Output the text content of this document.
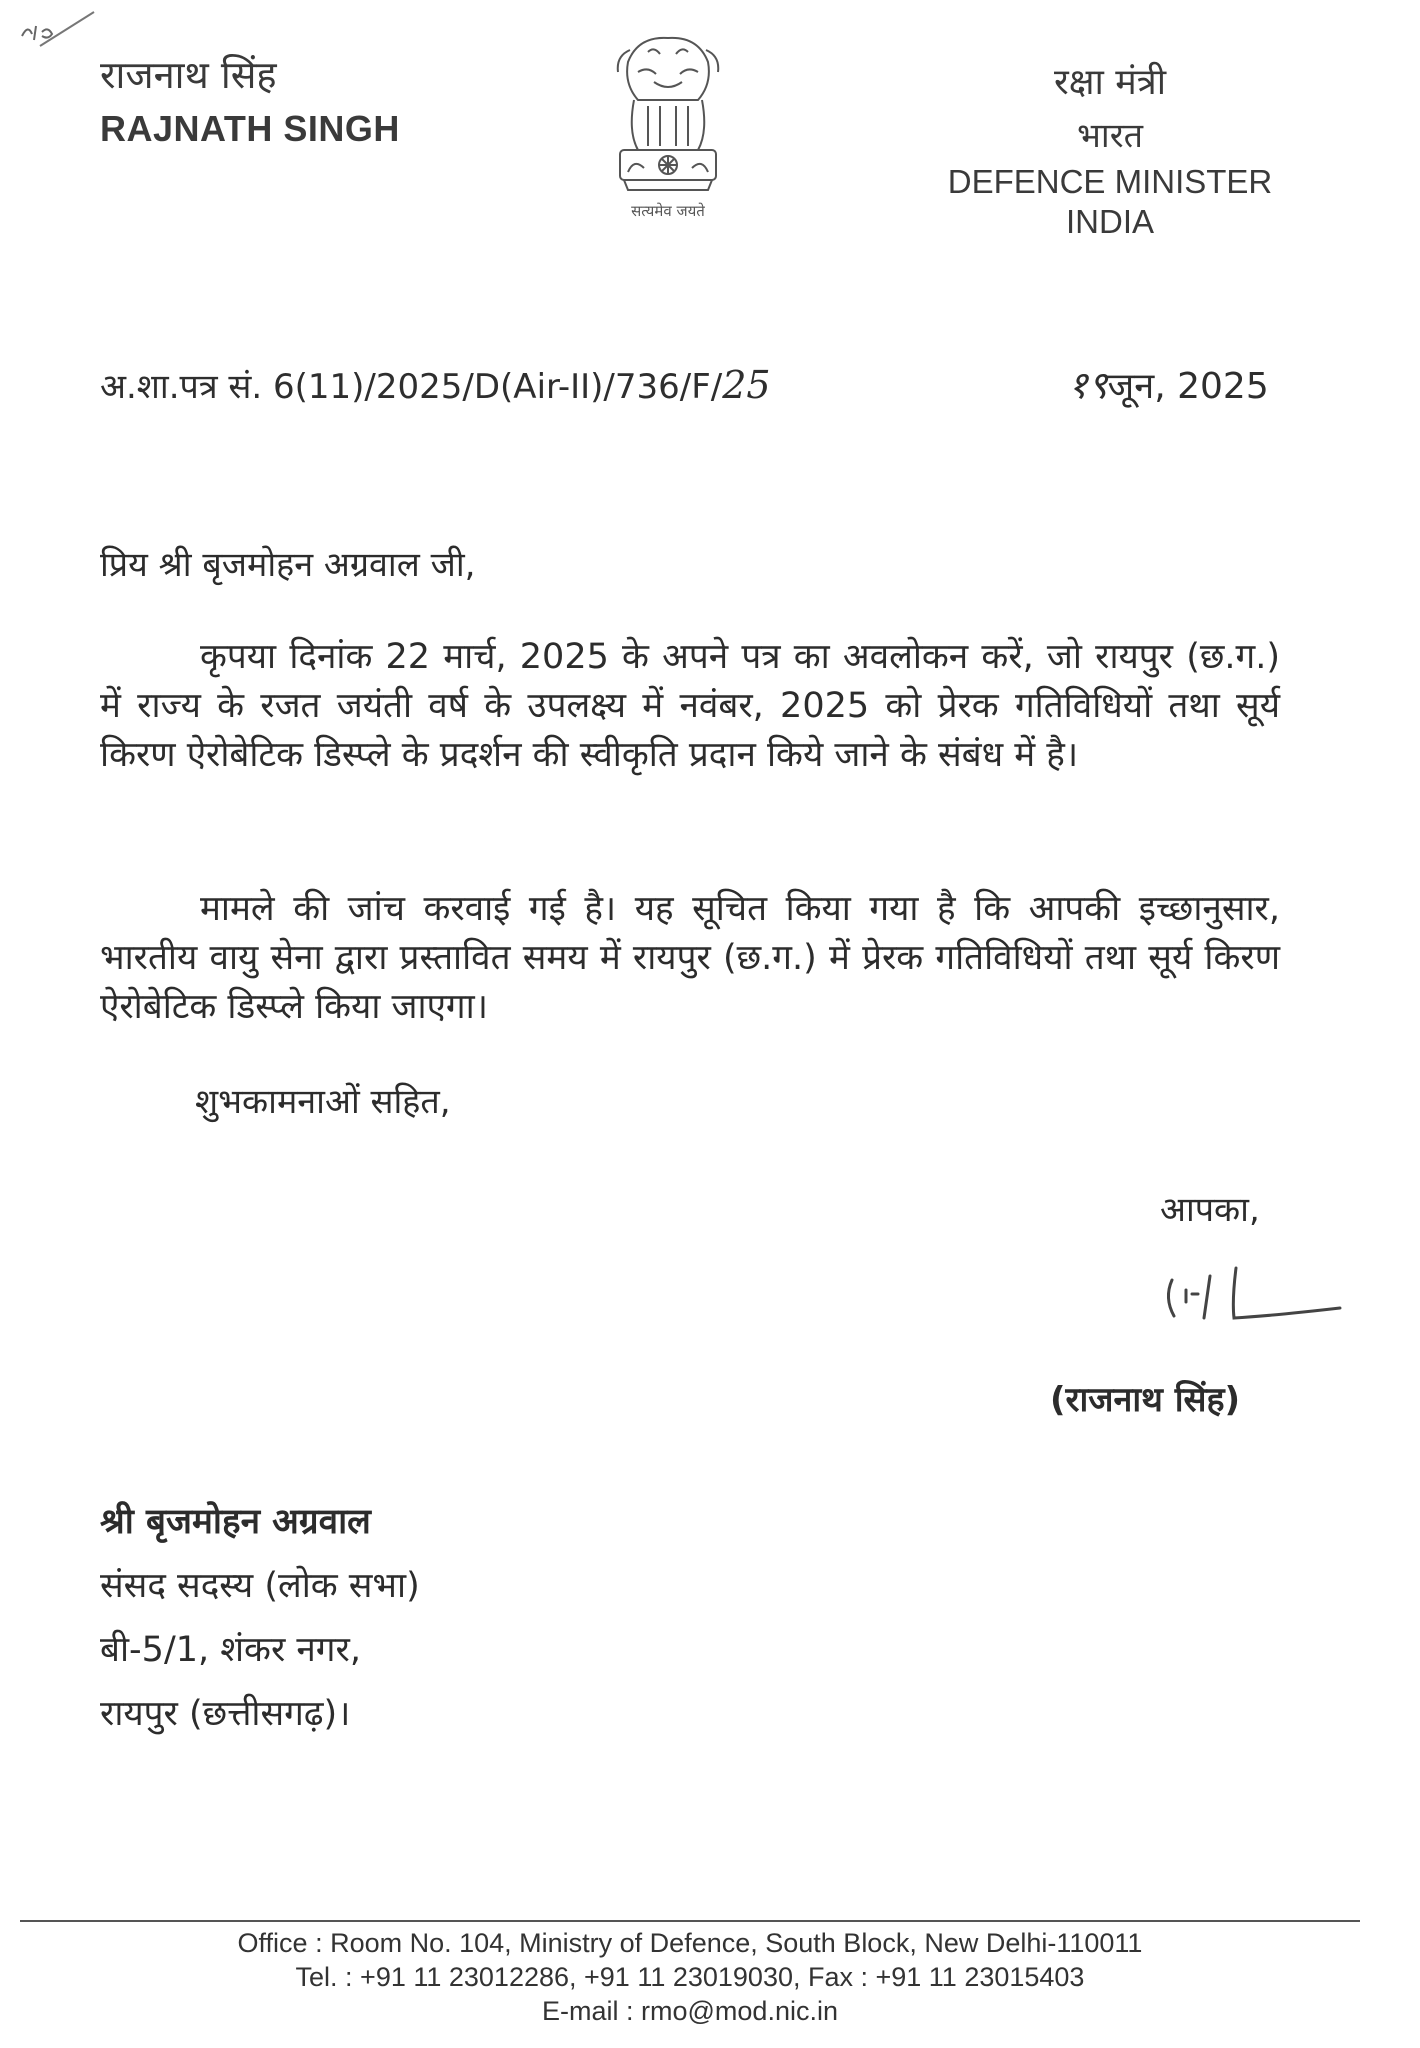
राजनाथ सिंह
RAJNATH SINGH
सत्यमेव जयते
रक्षा मंत्री
भारत
DEFENCE MINISTER
INDIA
अ.शा.पत्र सं. 6(11)/2025/D(Air-II)/736/F/25	१९जून, 2025
प्रिय श्री बृजमोहन अग्रवाल जी,
कृपया दिनांक 22 मार्च, 2025 के अपने पत्र का अवलोकन करें, जो रायपुर (छ.ग.) में राज्य के रजत जयंती वर्ष के उपलक्ष्य में नवंबर, 2025 को प्रेरक गतिविधियों तथा सूर्य किरण ऐरोबेटिक डिस्प्ले के प्रदर्शन की स्वीकृति प्रदान किये जाने के संबंध में है।
मामले की जांच करवाई गई है। यह सूचित किया गया है कि आपकी इच्छानुसार, भारतीय वायु सेना द्वारा प्रस्तावित समय में रायपुर (छ.ग.) में प्रेरक गतिविधियों तथा सूर्य किरण ऐरोबेटिक डिस्प्ले किया जाएगा।
शुभकामनाओं सहित,
आपका,
(राजनाथ सिंह)
श्री बृजमोहन अग्रवाल
संसद सदस्य (लोक सभा)
बी-5/1, शंकर नगर,
रायपुर (छत्तीसगढ़)।
Office : Room No. 104, Ministry of Defence, South Block, New Delhi-110011
Tel. : +91 11 23012286, +91 11 23019030, Fax : +91 11 23015403
E-mail : rmo@mod.nic.in
